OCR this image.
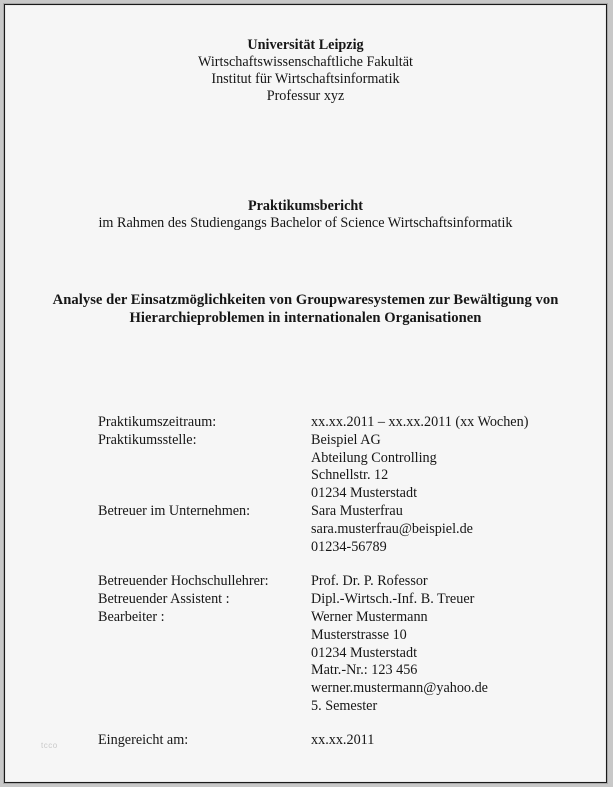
Universität Leipzig
Wirtschaftswissenschaftliche Fakultät
Institut für Wirtschaftsinformatik
Professur xyz
Praktikumsbericht
im Rahmen des Studiengangs Bachelor of Science Wirtschaftsinformatik
Analyse der Einsatzmöglichkeiten von Groupwaresystemen zur Bewältigung von
Hierarchieproblemen in internationalen Organisationen
Praktikumszeitraum:	xx.xx.2011 – xx.xx.2011 (xx Wochen)
Praktikumsstelle:	Beispiel AG
Abteilung Controlling
Schnellstr. 12
01234 Musterstadt
Betreuer im Unternehmen:	Sara Musterfrau
sara.musterfrau@beispiel.de
01234-56789
Betreuender Hochschullehrer:	Prof. Dr. P. Rofessor
Betreuender Assistent :	Dipl.-Wirtsch.-Inf. B. Treuer
Bearbeiter :	Werner Mustermann
Musterstrasse 10
01234 Musterstadt
Matr.-Nr.: 123 456
werner.mustermann@yahoo.de
5. Semester
Eingereicht am:	xx.xx.2011
tcco
